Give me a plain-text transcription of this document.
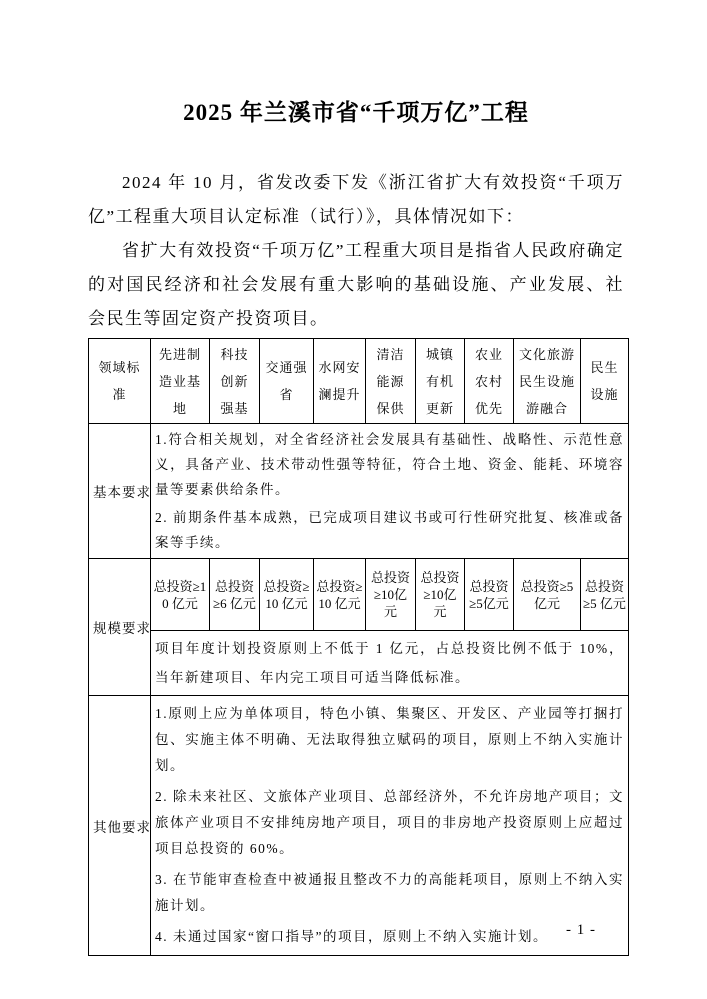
2025 年兰溪市省“千项万亿”工程

2024 年 10 月，省发改委下发《浙江省扩大有效投资“千项万亿”工程重大项目认定标准（试行）》，具体情况如下：

省扩大有效投资“千项万亿”工程重大项目是指省人民政府确定的对国民经济和社会发展有重大影响的基础设施、产业发展、社会民生等固定资产投资项目。

领域标准	先进制造业基地	科技创新强基	交通强省	水网安澜提升	清洁能源保供	城镇有机更新	农业农村优先	文化旅游民生设施游融合	民生设施
基本要求	1.符合相关规划，对全省经济社会发展具有基础性、战略性、示范性意义，具备产业、技术带动性强等特征，符合土地、资金、能耗、环境容量等要素供给条件。

2. 前期条件基本成熟，已完成项目建议书或可行性研究批复、核准或备案等手续。								

规模要求	总投资≥10 亿元	总投资≥6 亿元	总投资≥10 亿元	总投资≥10 亿元	总投资≥10亿元	总投资≥10亿元	总投资≥5亿元	总投资≥5亿元	总投资≥5 亿元

	项目年度计划投资原则上不低于 1 亿元，占总投资比例不低于 10%，当年新建项目、年内完工项目可适当降低标准。								

其他要求	1.原则上应为单体项目，特色小镇、集聚区、开发区、产业园等打捆打包、实施主体不明确、无法取得独立赋码的项目，原则上不纳入实施计划。

2. 除未来社区、文旅体产业项目、总部经济外，不允许房地产项目；文旅体产业项目不安排纯房地产项目，项目的非房地产投资原则上应超过项目总投资的 60%。

3. 在节能审查检查中被通报且整改不力的高能耗项目，原则上不纳入实施计划。

4. 未通过国家“窗口指导”的项目，原则上不纳入实施计划。									- 1 -
